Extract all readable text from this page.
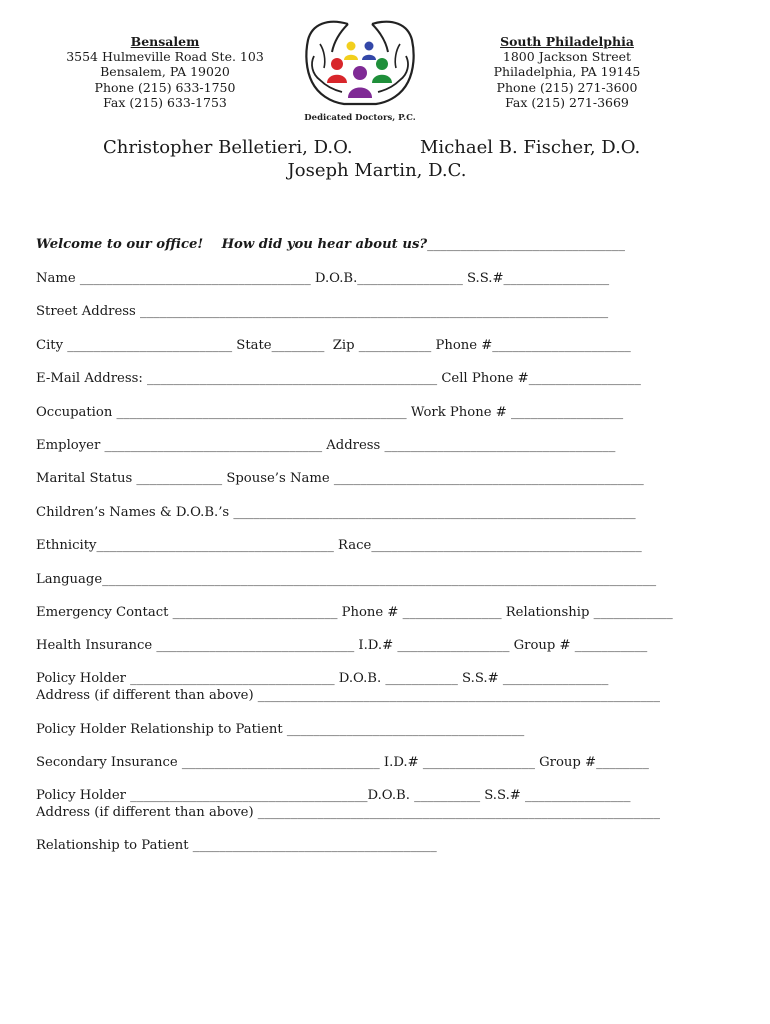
Bensalem
3554 Hulmeville Road Ste. 103
Bensalem, PA 19020
Phone (215) 633-1750
Fax (215) 633-1753
Dedicated Doctors, P.C.
South Philadelphia
1800 Jackson Street
Philadelphia, PA 19145
Phone (215) 271-3600
Fax (215) 271-3669
Christopher Belletieri, D.O.	Michael B. Fischer, D.O.
Joseph Martin, D.C.
Welcome to our office!    How did you hear about us?______________________________
Name ___________________________________ D.O.B.________________ S.S.#________________
Street Address _______________________________________________________________________
City _________________________ State________  Zip ___________ Phone #_____________________
E-Mail Address: ____________________________________________ Cell Phone #_________________
Occupation ____________________________________________ Work Phone # _________________
Employer _________________________________ Address ___________________________________
Marital Status _____________ Spouse’s Name _______________________________________________
Children’s Names & D.O.B.’s _____________________________________________________________
Ethnicity____________________________________ Race_________________________________________
Language____________________________________________________________________________________
Emergency Contact _________________________ Phone # _______________ Relationship ____________
Health Insurance ______________________________ I.D.# _________________ Group # ___________
Policy Holder _______________________________ D.O.B. ___________ S.S.# ________________
Address (if different than above) _____________________________________________________________
Policy Holder Relationship to Patient ____________________________________
Secondary Insurance ______________________________ I.D.# _________________ Group #________
Policy Holder ____________________________________D.O.B. __________ S.S.# ________________
Address (if different than above) _____________________________________________________________
Relationship to Patient _____________________________________
